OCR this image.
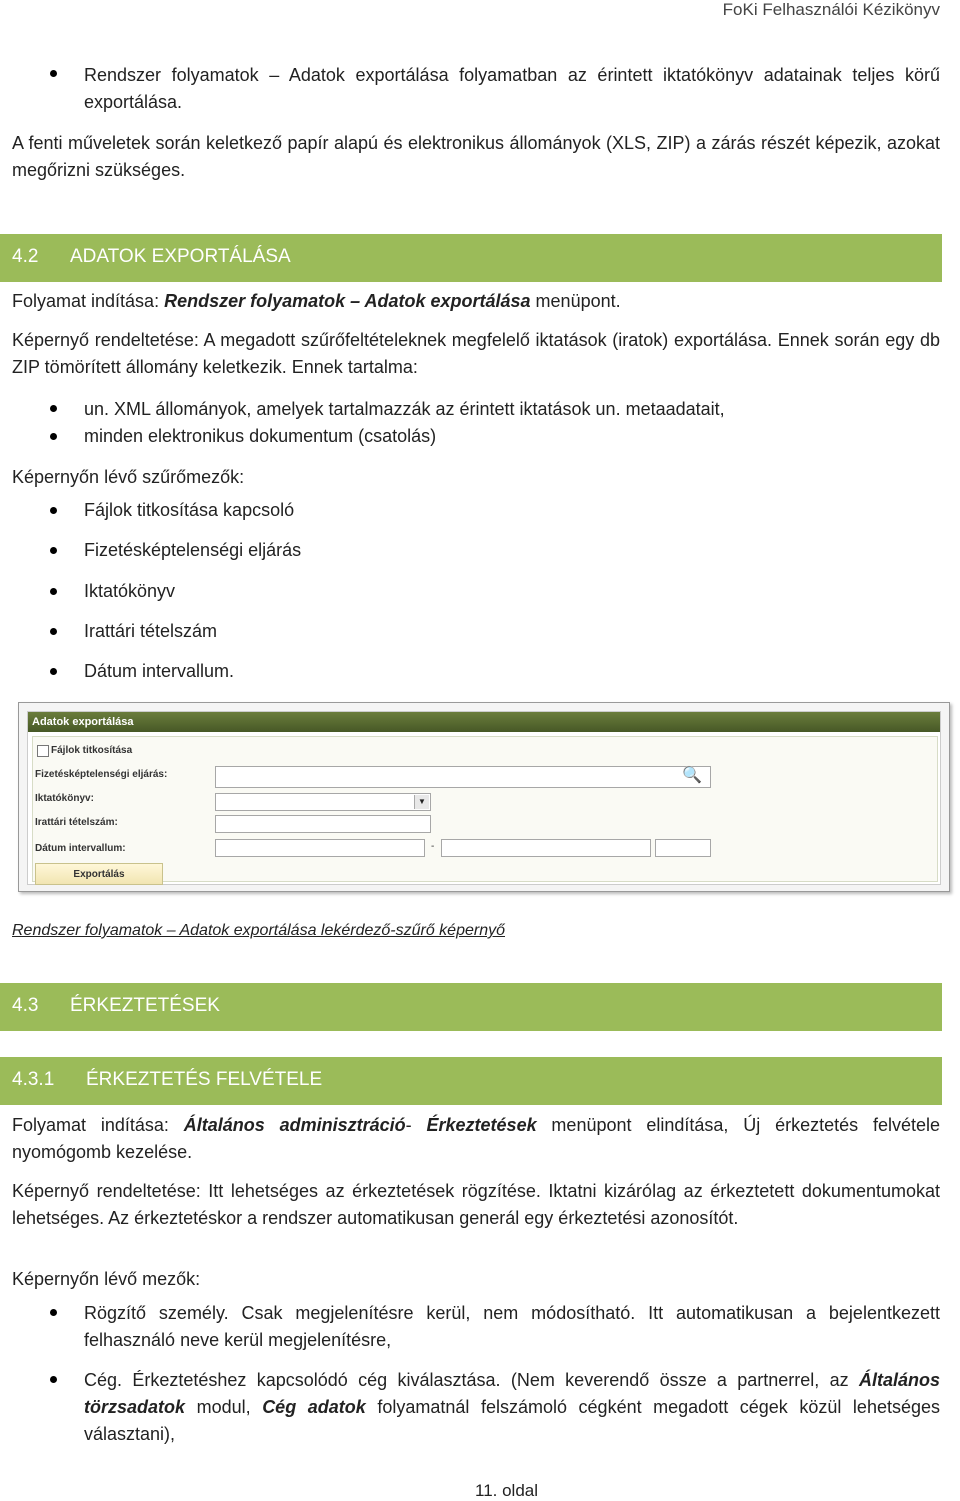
FoKi Felhasználói Kézikönyv
Rendszer folyamatok – Adatok exportálása folyamatban az érintett iktatókönyv adatainak teljes körű exportálása.
A fenti műveletek során keletkező papír alapú és elektronikus állományok (XLS, ZIP) a zárás részét képezik, azokat megőrizni szükséges.
4.2 ADATOK EXPORTÁLÁSA
Folyamat indítása: Rendszer folyamatok – Adatok exportálása menüpont.
Képernyő rendeltetése: A megadott szűrőfeltételeknek megfelelő iktatások (iratok) exportálása. Ennek során egy db ZIP tömörített állomány keletkezik. Ennek tartalma:
un. XML állományok, amelyek tartalmazzák az érintett iktatások un. metaadatait,
minden elektronikus dokumentum (csatolás)
Képernyőn lévő szűrőmezők:
Fájlok titkosítása kapcsoló
Fizetésképtelenségi eljárás
Iktatókönyv
Irattári tételszám
Dátum intervallum.
Adatok exportálása
Fájlok titkosítása
Fizetésképtelenségi eljárás:	🔍
Iktatókönyv:	▼
Irattári tételszám:
Dátum intervallum:	-
Exportálás
Rendszer folyamatok – Adatok exportálása lekérdező-szűrő képernyő
4.3 ÉRKEZTETÉSEK
4.3.1 ÉRKEZTETÉS FELVÉTELE
Folyamat indítása: Általános adminisztráció- Érkeztetések menüpont elindítása, Új érkeztetés felvétele nyomógomb kezelése.
Képernyő rendeltetése: Itt lehetséges az érkeztetések rögzítése. Iktatni kizárólag az érkeztetett dokumentumokat lehetséges. Az érkeztetéskor a rendszer automatikusan generál egy érkeztetési azonosítót.
Képernyőn lévő mezők:
Rögzítő személy. Csak megjelenítésre kerül, nem módosítható. Itt automatikusan a bejelentkezett felhasználó neve kerül megjelenítésre,
Cég. Érkeztetéshez kapcsolódó cég kiválasztása. (Nem keverendő össze a partnerrel, az Általános törzsadatok modul, Cég adatok folyamatnál felszámoló cégként megadott cégek közül lehetséges választani),
11. oldal
